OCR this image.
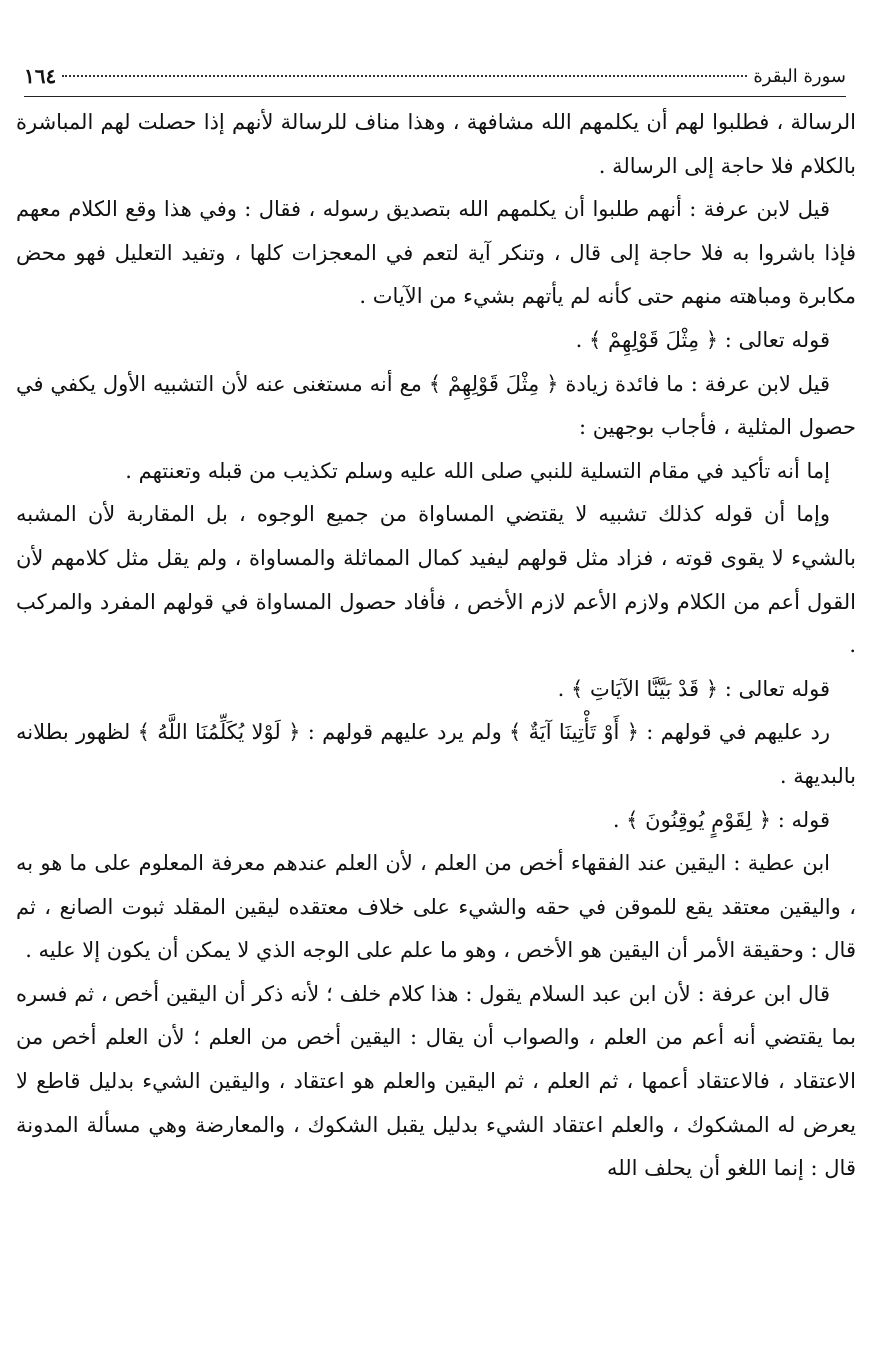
سورة البقرة
١٦٤

الرسالة ، فطلبوا لهم أن يكلمهم الله مشافهة ، وهذا مناف للرسالة لأنهم إذا حصلت لهم المباشرة بالكلام فلا حاجة إلى الرسالة .

قيل لابن عرفة : أنهم طلبوا أن يكلمهم الله بتصديق رسوله ، فقال : وفي هذا وقع الكلام معهم فإذا باشروا به فلا حاجة إلى قال ، وتنكر آية لتعم في المعجزات كلها ، وتفيد التعليل فهو محض مكابرة ومباهته منهم حتى كأنه لم يأتهم بشيء من الآيات .

قوله تعالى : ﴿ مِثْلَ قَوْلِهِمْ ﴾ .

قيل لابن عرفة : ما فائدة زيادة ﴿ مِثْلَ قَوْلِهِمْ ﴾ مع أنه مستغنى عنه لأن التشبيه الأول يكفي في حصول المثلية ، فأجاب بوجهين :

إما أنه تأكيد في مقام التسلية للنبي صلى الله عليه وسلم تكذيب من قبله وتعنتهم .

وإما أن قوله كذلك تشبيه لا يقتضي المساواة من جميع الوجوه ، بل المقاربة لأن المشبه بالشيء لا يقوى قوته ، فزاد مثل قولهم ليفيد كمال المماثلة والمساواة ، ولم يقل مثل كلامهم لأن القول أعم من الكلام ولازم الأعم لازم الأخص ، فأفاد حصول المساواة في قولهم المفرد والمركب .

قوله تعالى : ﴿ قَدْ بَيَّنَّا الآيَاتِ ﴾ .

رد عليهم في قولهم : ﴿ أَوْ تَأْتِينَا آيَةٌ ﴾ ولم يرد عليهم قولهم : ﴿ لَوْلا يُكَلِّمُنَا اللَّهُ ﴾ لظهور بطلانه بالبديهة .

قوله : ﴿ لِقَوْمٍ يُوقِنُونَ ﴾ .

ابن عطية : اليقين عند الفقهاء أخص من العلم ، لأن العلم عندهم معرفة المعلوم على ما هو به ، واليقين معتقد يقع للموقن في حقه والشيء على خلاف معتقده ليقين المقلد ثبوت الصانع ، ثم قال : وحقيقة الأمر أن اليقين هو الأخص ، وهو ما علم على الوجه الذي لا يمكن أن يكون إلا عليه .

قال ابن عرفة : لأن ابن عبد السلام يقول : هذا كلام خلف ؛ لأنه ذكر أن اليقين أخص ، ثم فسره بما يقتضي أنه أعم من العلم ، والصواب أن يقال : اليقين أخص من العلم ؛ لأن العلم أخص من الاعتقاد ، فالاعتقاد أعمها ، ثم العلم ، ثم اليقين والعلم هو اعتقاد ، واليقين الشيء بدليل قاطع لا يعرض له المشكوك ، والعلم اعتقاد الشيء بدليل يقبل الشكوك ، والمعارضة وهي مسألة المدونة قال : إنما اللغو أن يحلف الله
